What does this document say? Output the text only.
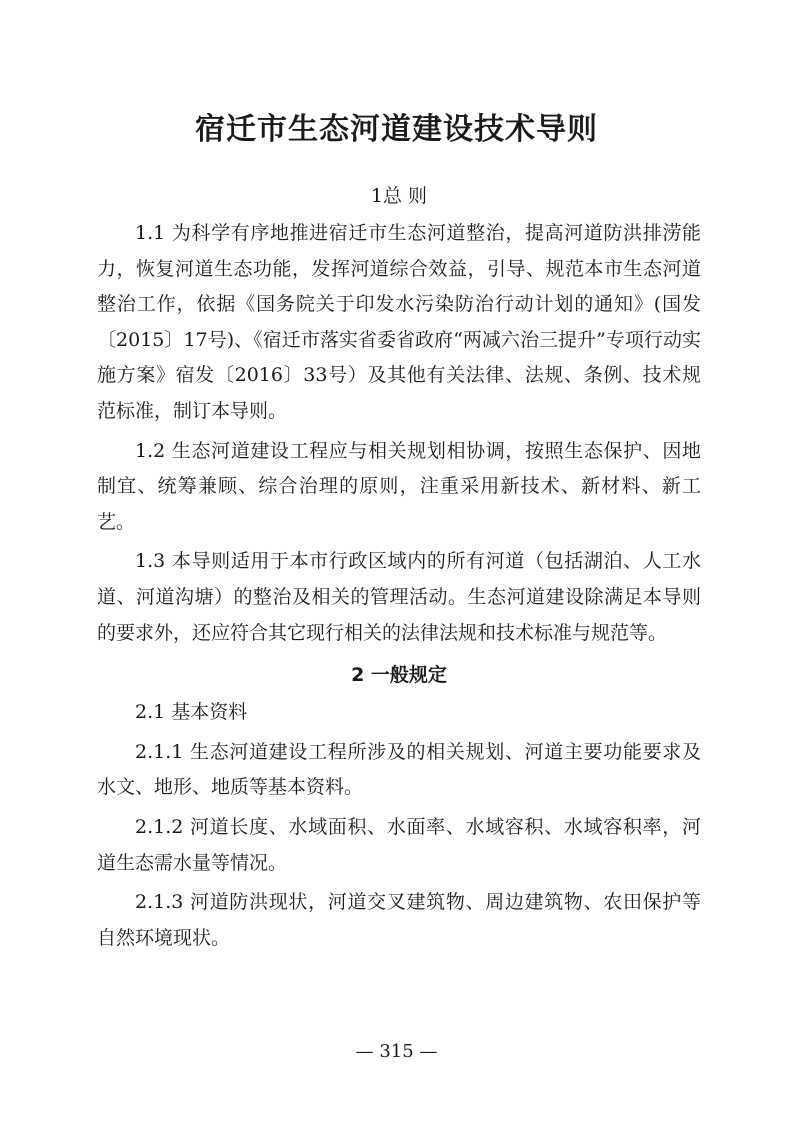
宿迁市生态河道建设技术导则
1总 则

1.1 为科学有序地推进宿迁市生态河道整治，提高河道防洪排涝能力，恢复河道生态功能，发挥河道综合效益，引导、规范本市生态河道整治工作，依据《国务院关于印发水污染防治行动计划的通知》(国发〔2015〕17号)、《宿迁市落实省委省政府“两减六治三提升”专项行动实施方案》宿发〔2016〕33号）及其他有关法律、法规、条例、技术规范标准，制订本导则。

1.2 生态河道建设工程应与相关规划相协调，按照生态保护、因地制宜、统筹兼顾、综合治理的原则，注重采用新技术、新材料、新工艺。

1.3 本导则适用于本市行政区域内的所有河道（包括湖泊、人工水道、河道沟塘）的整治及相关的管理活动。生态河道建设除满足本导则的要求外，还应符合其它现行相关的法律法规和技术标准与规范等。

2 一般规定

2.1 基本资料

2.1.1 生态河道建设工程所涉及的相关规划、河道主要功能要求及水文、地形、地质等基本资料。

2.1.2 河道长度、水域面积、水面率、水域容积、水域容积率，河道生态需水量等情况。

2.1.3 河道防洪现状，河道交叉建筑物、周边建筑物、农田保护等自然环境现状。

— 315 —
